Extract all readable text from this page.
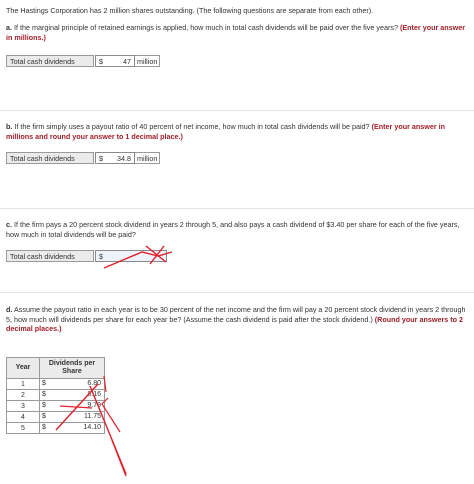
The Hastings Corporation has 2 million shares outstanding. (The following questions are separate from each other).
a. If the marginal principle of retained earnings is applied, how much in total cash dividends will be paid over the five years? (Enter your answer in millions.)
Total cash dividends	$	47 million
b. If the firm simply uses a payout ratio of 40 percent of net income, how much in total cash dividends will be paid? (Enter your answer in millions and round your answer to 1 decimal place.)
Total cash dividends	$ 34.8 million
c. If the firm pays a 20 percent stock dividend in years 2 through 5, and also pays a cash dividend of $3.40 per share for each of the five years, how much in total dividends will be paid?
Total cash dividends	$
d. Assume the payout ratio in each year is to be 30 percent of the net income and the firm will pay a 20 percent stock dividend in years 2 through 5, how much will dividends per share for each year be? (Assume the cash dividend is paid after the stock dividend.) (Round your answers to 2 decimal places.)
Year	Dividends per Share
1	$ 6.80

2	$ 8.16

3	$ 9.79

4	$ 11.75

5	$ 14.10
